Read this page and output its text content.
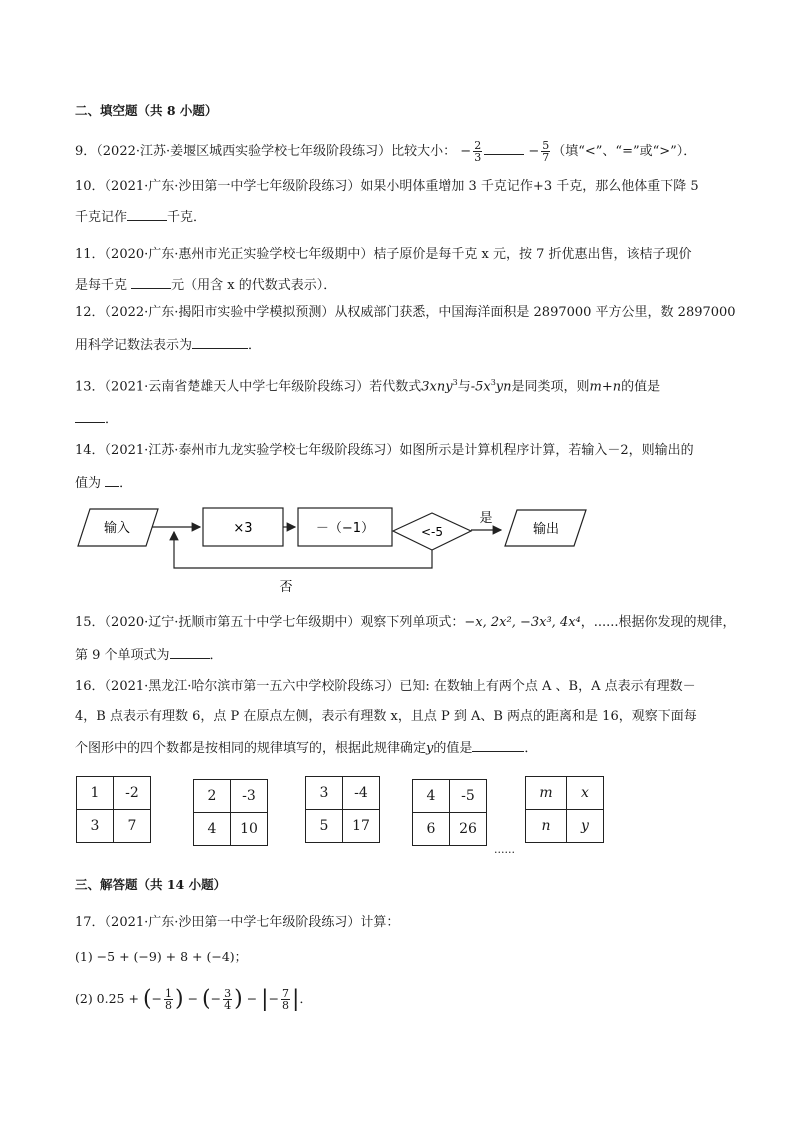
二、填空题（共 8 小题）
9．（2022·江苏·姜堰区城西实验学校七年级阶段练习）比较大小： − $\frac{2}{3}$	− $\frac{5}{7}$ （填“<”、“=”或“>”）．
10．（2021·广东·沙田第一中学七年级阶段练习）如果小明体重增加 3 千克记作+3 千克，那么他体重下降 5
千克记作	千克．
11．（2020·广东·惠州市光正实验学校七年级期中）桔子原价是每千克 x 元，按 7 折优惠出售，该桔子现价
是每千克	元（用含 x 的代数式表示）．
12．（2022·广东·揭阳市实验中学模拟预测）从权威部门获悉，中国海洋面积是 2897000 平方公里，数 2897000
用科学记数法表示为	．
13．（2021·云南省楚雄天人中学七年级阶段练习）若代数式3xny$^3$与$-5x^3yn$是同类项，则m+n的值是
．
14．（2021·江苏·泰州市九龙实验学校七年级阶段练习）如图所示是计算机程序计算，若输入－2，则输出的
值为 ．
输入	×3	－（−1）	<-5
是
输出
否
15．（2020·辽宁·抚顺市第五十中学七年级期中）观察下列单项式：−x, 2x², −3x³, 4x⁴，......根据你发现的规律，
第 9 个单项式为	．
16．（2021·黑龙江·哈尔滨市第一五六中学校阶段练习）已知: 在数轴上有两个点 A 、B，A 点表示有理数－
4，B 点表示有理数 6，点 P 在原点左侧，表示有理数 x，且点 P 到 A、B 两点的距离和是 16，观察下面每
个图形中的四个数都是按相同的规律填写的，根据此规律确定y的值是	．
1	-2
3	7
2	-3
4	10
3	-4
5	17
4	-5
6	26
......
m	x
n	y
三、解答题（共 14 小题）
17．（2021·广东·沙田第一中学七年级阶段练习）计算：
(1) −5 + (−9) + 8 + (−4)；
(2) 0.25 + (− $\frac{1}{8}$ ) − (− $\frac{3}{4}$ ) − |− $\frac{7}{8}$ |．
